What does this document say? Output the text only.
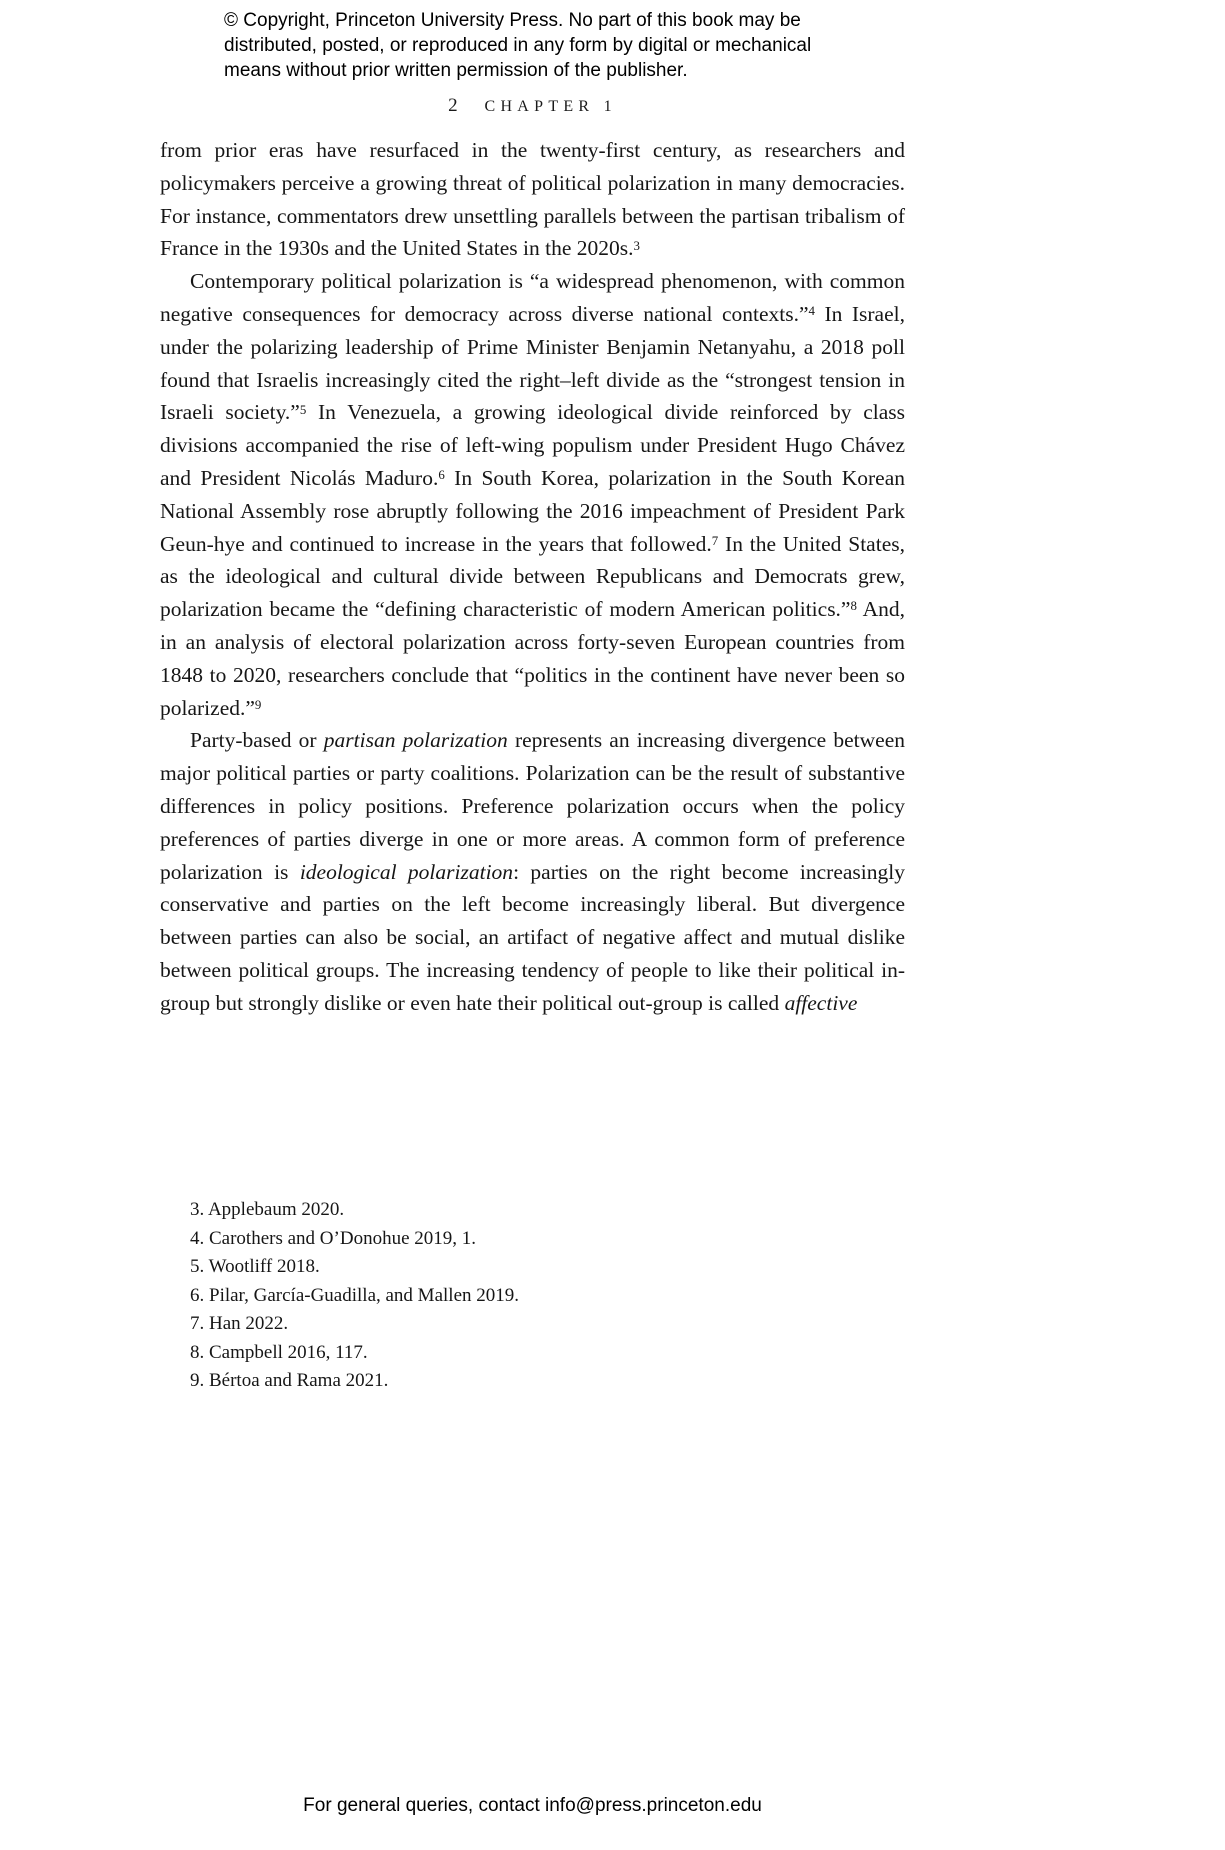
© Copyright, Princeton University Press. No part of this book may be
distributed, posted, or reproduced in any form by digital or mechanical
means without prior written permission of the publisher.
2 CHAPTER 1

from prior eras have resurfaced in the twenty-first century, as researchers and policymakers perceive a growing threat of political polarization in many democracies. For instance, commentators drew unsettling parallels between the partisan tribalism of France in the 1930s and the United States in the 2020s.$^3$

Contemporary political polarization is “a widespread phenomenon, with common negative consequences for democracy across diverse national contexts.”$^4$ In Israel, under the polarizing leadership of Prime Minister Benjamin Netanyahu, a 2018 poll found that Israelis increasingly cited the right–left divide as the “strongest tension in Israeli society.”$^5$ In Venezuela, a growing ideological divide reinforced by class divisions accompanied the rise of left-wing populism under President Hugo Chávez and President Nicolás Maduro.$^6$ In South Korea, polarization in the South Korean National Assembly rose abruptly following the 2016 impeachment of President Park Geun-hye and continued to increase in the years that followed.$^7$ In the United States, as the ideological and cultural divide between Republicans and Democrats grew, polarization became the “defining characteristic of modern American politics.”$^8$ And, in an analysis of electoral polarization across forty-seven European countries from 1848 to 2020, researchers conclude that “politics in the continent have never been so polarized.”$^9$

Party-based or partisan polarization represents an increasing divergence between major political parties or party coalitions. Polarization can be the result of substantive differences in policy positions. Preference polarization occurs when the policy preferences of parties diverge in one or more areas. A common form of preference polarization is ideological polarization: parties on the right become increasingly conservative and parties on the left become increasingly liberal. But divergence between parties can also be social, an artifact of negative affect and mutual dislike between political groups. The increasing tendency of people to like their political in-group but strongly dislike or even hate their political out-group is called affective

3. Applebaum 2020.
4. Carothers and O’Donohue 2019, 1.
5. Wootliff 2018.
6. Pilar, García-Guadilla, and Mallen 2019.
7. Han 2022.
8. Campbell 2016, 117.
9. Bértoa and Rama 2021.
For general queries, contact info@press.princeton.edu
